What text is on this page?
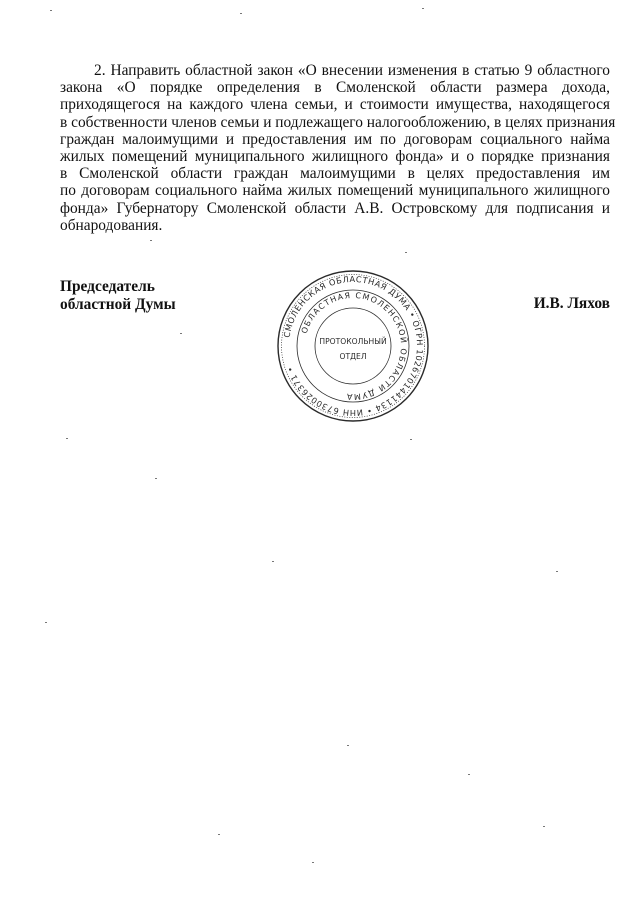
2. Направить областной закон «О внесении изменения в статью 9 областного
закона «О порядке определения в Смоленской области размера дохода,
приходящегося на каждого члена семьи, и стоимости имущества, находящегося
в собственности членов семьи и подлежащего налогообложению, в целях признания
граждан малоимущими и предоставления им по договорам социального найма
жилых помещений муниципального жилищного фонда» и о порядке признания
в Смоленской области граждан малоимущими в целях предоставления им
по договорам социального найма жилых помещений муниципального жилищного
фонда» Губернатору Смоленской области А.В. Островскому для подписания и
обнародования.
Председатель
областной Думы	И.В. Ляхов
СМОЛЕНСКАЯ ОБЛАСТНАЯ ДУМА • ОГРН 1026701441134 • ИНН 6730026371 •
ОБЛАСТНАЯ СМОЛЕНСКОЙ ОБЛАСТИ ДУМА
ПРОТОКОЛЬНЫЙ
ОТДЕЛ
